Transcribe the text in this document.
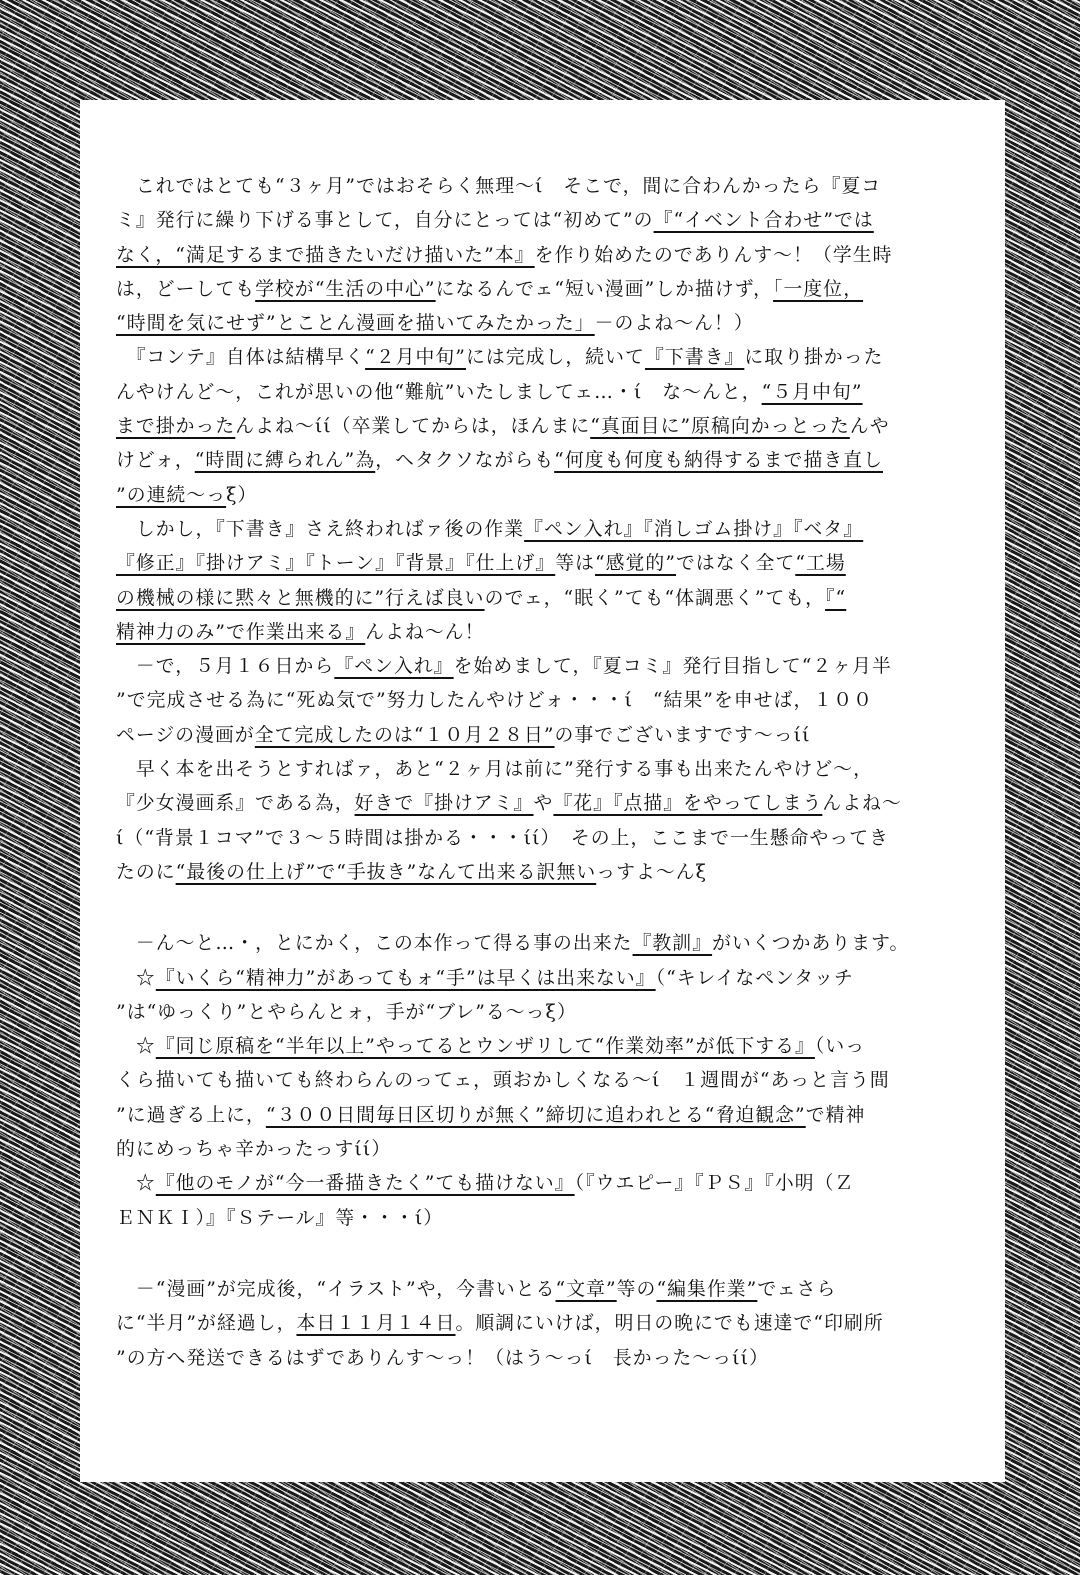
　これではとても“３ヶ月”ではおそらく無理～ί　そこで，間に合わんかったら『夏コ
ミ』発行に繰り下げる事として，自分にとっては“初めて”の『“イベント合わせ”では
なく，“満足するまで描きたいだけ描いた”本』を作り始めたのでありんす～！（学生時
は，どーしても学校が“生活の中心”になるんでェ“短い漫画”しか描けず，「一度位，
“時間を気にせず”とことん漫画を描いてみたかった」－のよね～ん！）
　『コンテ』自体は結構早く“２月中旬”には完成し，続いて『下書き』に取り掛かった
んやけんど～，これが思いの他“難航”いたしましてェ…・ί　な～んと，“５月中旬”
まで掛かったんよね～ίί（卒業してからは，ほんまに“真面目に”原稿向かっとったんや
けどォ，“時間に縛られん”為，ヘタクソながらも“何度も何度も納得するまで描き直し
”の連続～っξ）
　しかし，『下書き』さえ終わればァ後の作業『ペン入れ』『消しゴム掛け』『ベタ』
『修正』『掛けアミ』『トーン』『背景』『仕上げ』等は“感覚的”ではなく全て“工場
の機械の様に黙々と無機的に”行えば良いのでェ，“眠く”ても“体調悪く”ても，『“
精神力のみ”で作業出来る』んよね～ん！
　－で，５月１６日から『ペン入れ』を始めまして，『夏コミ』発行目指して“２ヶ月半
”で完成させる為に“死ぬ気で”努力したんやけどォ・・・ί　“結果”を申せば，１００
ページの漫画が全て完成したのは“１０月２８日”の事でございますです～っίί
　早く本を出そうとすればァ，あと“２ヶ月は前に”発行する事も出来たんやけど～，
『少女漫画系』である為，好きで『掛けアミ』や『花』『点描』をやってしまうんよね～
ί（“背景１コマ”で３～５時間は掛かる・・・ίί）　その上，ここまで一生懸命やってき
たのに“最後の仕上げ”で“手抜き”なんて出来る訳無いっすよ～んξ
　－ん～と…・，とにかく，この本作って得る事の出来た『教訓』がいくつかあります。
　☆『いくら“精神力”があってもォ“手”は早くは出来ない』（“キレイなペンタッチ
”は“ゆっくり”とやらんとォ，手が“ブレ”る～っξ）
　☆『同じ原稿を“半年以上”やってるとウンザリして“作業効率”が低下する』（いっ
くら描いても描いても終わらんのってェ，頭おかしくなる～ί　１週間が“あっと言う間
”に過ぎる上に，“３００日間毎日区切りが無く”締切に追われとる“脅迫観念”で精神
的にめっちゃ辛かったっすίί）
　☆『他のモノが“今一番描きたく”ても描けない』（『ウエピー』『ＰＳ』『小明（Ｚ
ＥＮＫＩ）』『Ｓテール』等・・・ί）
　－“漫画”が完成後，“イラスト”や，今書いとる“文章”等の“編集作業”でェさら
に“半月”が経過し，本日１１月１４日。順調にいけば，明日の晩にでも速達で“印刷所
”の方へ発送できるはずでありんす～っ！（はう～っί　長かった～っίί）
